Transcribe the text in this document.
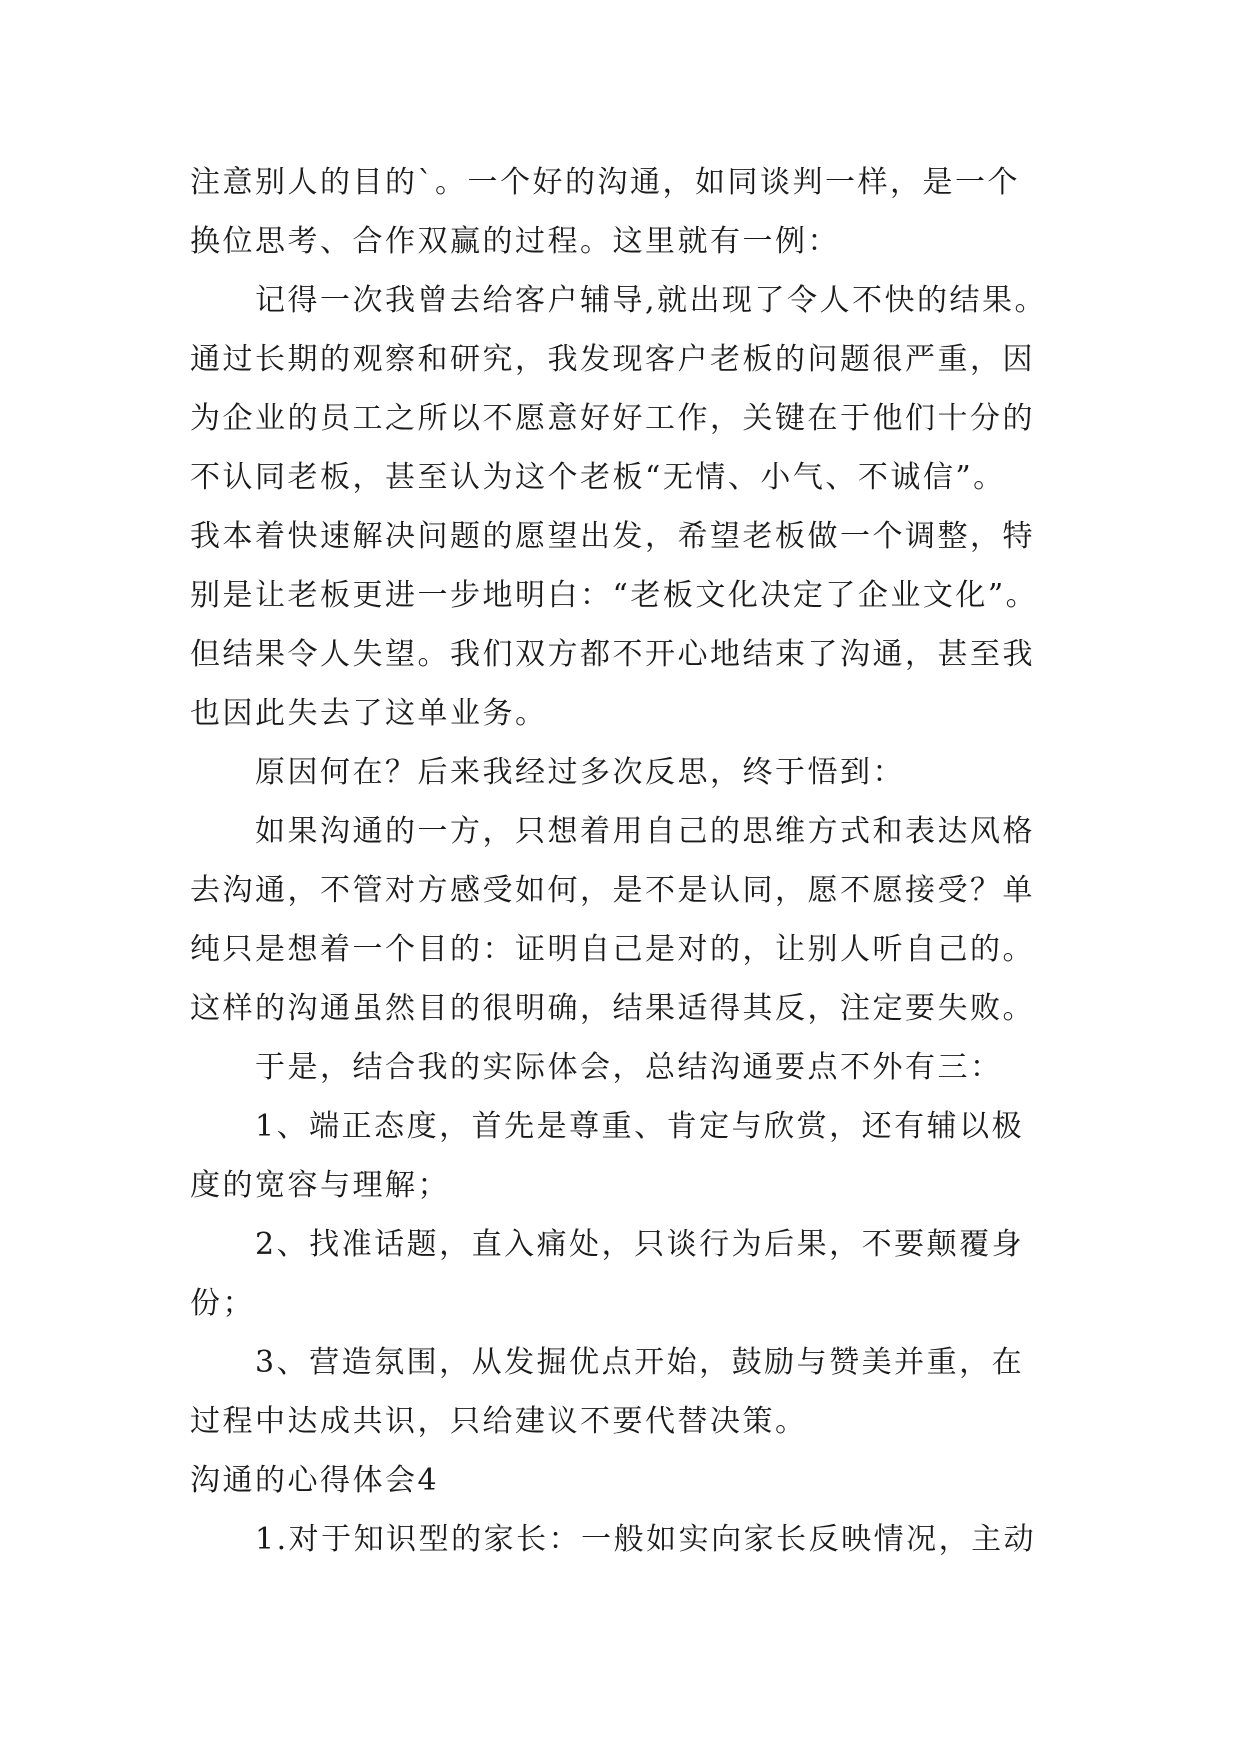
注意别人的目的`。一个好的沟通，如同谈判一样，是一个
换位思考、合作双赢的过程。这里就有一例：
记得一次我曾去给客户辅导,就出现了令人不快的结果。
通过长期的观察和研究，我发现客户老板的问题很严重，因
为企业的员工之所以不愿意好好工作，关键在于他们十分的
不认同老板，甚至认为这个老板“无情、小气、不诚信”。
我本着快速解决问题的愿望出发，希望老板做一个调整，特
别是让老板更进一步地明白：“老板文化决定了企业文化”。
但结果令人失望。我们双方都不开心地结束了沟通，甚至我
也因此失去了这单业务。
原因何在？后来我经过多次反思，终于悟到：
如果沟通的一方，只想着用自己的思维方式和表达风格
去沟通，不管对方感受如何，是不是认同，愿不愿接受？单
纯只是想着一个目的：证明自己是对的，让别人听自己的。
这样的沟通虽然目的很明确，结果适得其反，注定要失败。
于是，结合我的实际体会，总结沟通要点不外有三：
1、端正态度，首先是尊重、肯定与欣赏，还有辅以极
度的宽容与理解；
2、找准话题，直入痛处，只谈行为后果，不要颠覆身
份；
3、营造氛围，从发掘优点开始，鼓励与赞美并重，在
过程中达成共识，只给建议不要代替决策。
沟通的心得体会4
1.对于知识型的家长：一般如实向家长反映情况，主动
